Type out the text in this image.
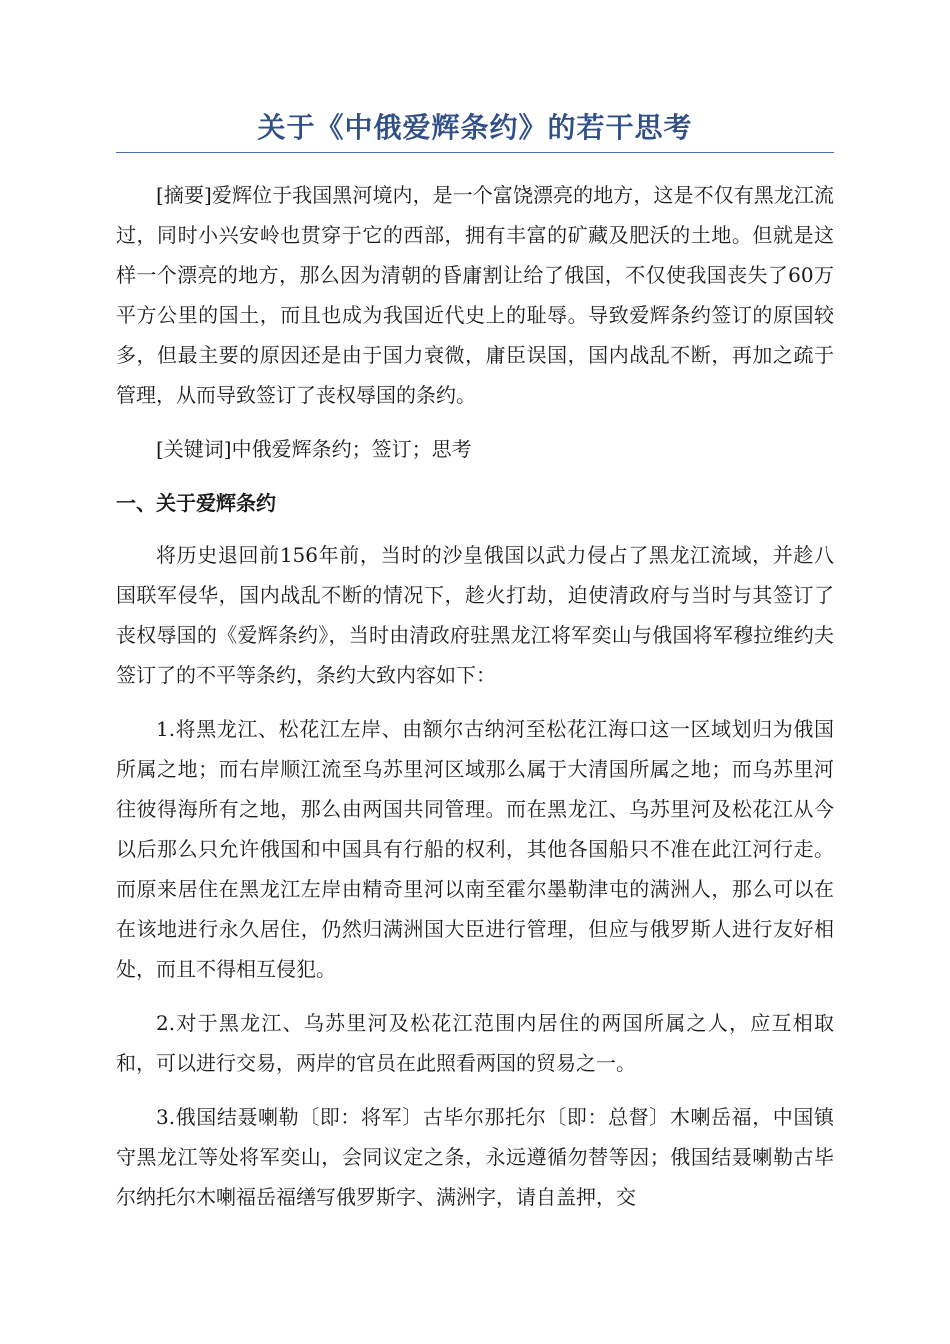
关于《中俄爱辉条约》的若干思考

[摘要]爱辉位于我国黑河境内，是一个富饶漂亮的地方，这是不仅有黑龙江流过，同时小兴安岭也贯穿于它的西部，拥有丰富的矿藏及肥沃的土地。但就是这样一个漂亮的地方，那么因为清朝的昏庸割让给了俄国，不仅使我国丧失了60万平方公里的国土，而且也成为我国近代史上的耻辱。导致爱辉条约签订的原国较多，但最主要的原因还是由于国力衰微，庸臣误国，国内战乱不断，再加之疏于管理，从而导致签订了丧权辱国的条约。

[关键词]中俄爱辉条约；签订；思考

一、关于爱辉条约

将历史退回前156年前，当时的沙皇俄国以武力侵占了黑龙江流域，并趁八国联军侵华，国内战乱不断的情况下，趁火打劫，迫使清政府与当时与其签订了丧权辱国的《爱辉条约》，当时由清政府驻黑龙江将军奕山与俄国将军穆拉维约夫签订了的不平等条约，条约大致内容如下：

1.将黑龙江、松花江左岸、由额尔古纳河至松花江海口这一区域划归为俄国所属之地；而右岸顺江流至乌苏里河区域那么属于大清国所属之地；而乌苏里河往彼得海所有之地，那么由两国共同管理。而在黑龙江、乌苏里河及松花江从今以后那么只允许俄国和中国具有行船的权利，其他各国船只不准在此江河行走。而原来居住在黑龙江左岸由精奇里河以南至霍尔墨勒津屯的满洲人，那么可以在在该地进行永久居住，仍然归满洲国大臣进行管理，但应与俄罗斯人进行友好相处，而且不得相互侵犯。

2.对于黑龙江、乌苏里河及松花江范围内居住的两国所属之人，应互相取和，可以进行交易，两岸的官员在此照看两国的贸易之一。

3.俄国结聂喇勒〔即：将军〕古毕尔那托尔〔即：总督〕木喇岳福，中国镇守黑龙江等处将军奕山，会同议定之条，永远遵循勿替等因；俄国结聂喇勒古毕尔纳托尔木喇福岳福缮写俄罗斯字、满洲字，请自盖押，交
